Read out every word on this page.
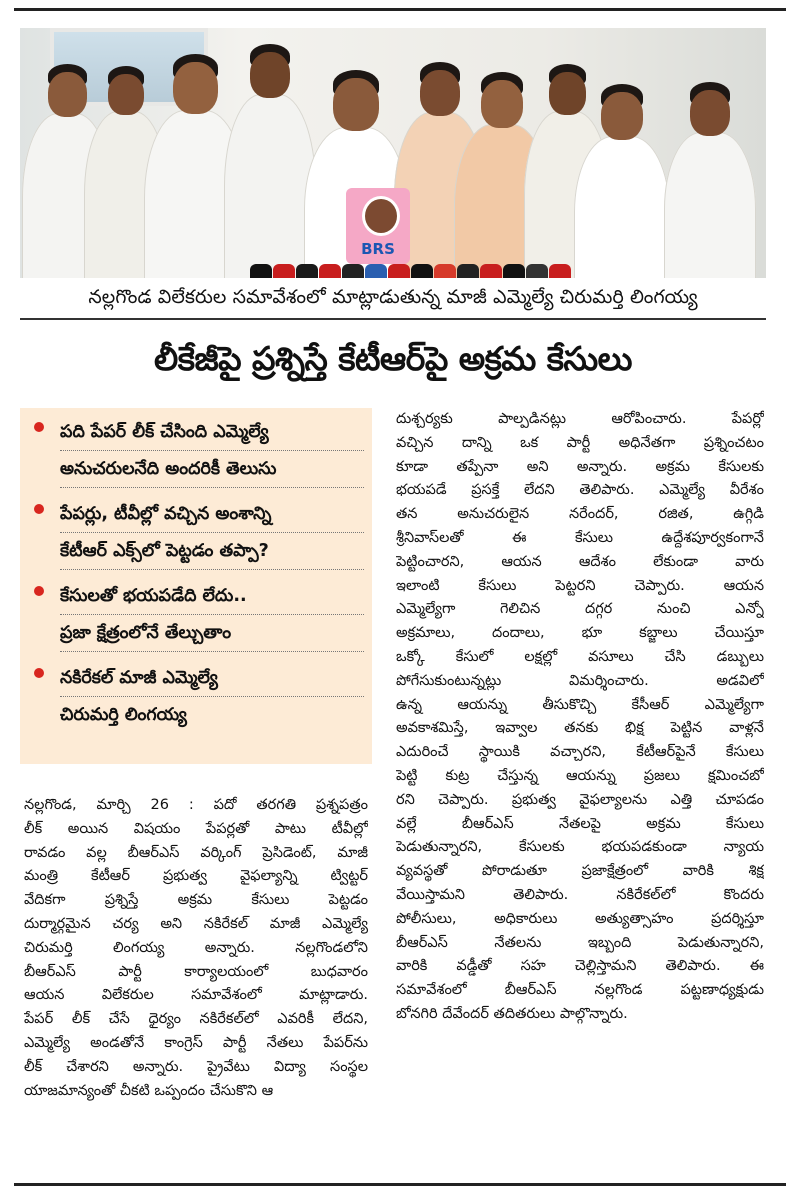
BRS
నల్లగొండ విలేకరుల సమావేశంలో మాట్లాడుతున్న మాజీ ఎమ్మెల్యే చిరుమర్తి లింగయ్య
లీకేజీపై ప్రశ్నిస్తే కేటీఆర్‌పై అక్రమ కేసులు
పది పేపర్ లీక్ చేసింది ఎమ్మెల్యే
అనుచరులనేది అందరికీ తెలుసు
పేపర్లు, టీవీల్లో వచ్చిన అంశాన్ని
కేటీఆర్ ఎక్స్‌లో పెట్టడం తప్పా?
కేసులతో భయపడేది లేదు..
ప్రజా క్షేత్రంలోనే తేల్చుతాం
నకిరేకల్ మాజీ ఎమ్మెల్యే
చిరుమర్తి లింగయ్య
నల్లగొండ, మార్చి 26 : పదో తరగతి ప్రశ్నపత్రం
లీక్ అయిన విషయం పేపర్లతో పాటు టీవీల్లో
రావడం వల్ల బీఆర్ఎస్ వర్కింగ్ ప్రెసిడెంట్, మాజీ
మంత్రి కేటీఆర్ ప్రభుత్వ వైఫల్యాన్ని ట్విట్టర్
వేదికగా ప్రశ్నిస్తే అక్రమ కేసులు పెట్టడం
దుర్మార్గమైన చర్య అని నకిరేకల్ మాజీ ఎమ్మెల్యే
చిరుమర్తి లింగయ్య అన్నారు. నల్లగొండలోని
బీఆర్ఎస్ పార్టీ కార్యాలయంలో బుధవారం
ఆయన విలేకరుల సమావేశంలో మాట్లాడారు.
పేపర్ లీక్ చేసే ధైర్యం నకిరేకల్‌లో ఎవరికీ లేదని,
ఎమ్మెల్యే అండతోనే కాంగ్రెస్ పార్టీ నేతలు పేపర్‌ను
లీక్ చేశారని అన్నారు. ప్రైవేటు విద్యా సంస్థల
యాజమాన్యంతో చీకటి ఒప్పందం చేసుకొని ఆ
దుశ్చర్యకు పాల్పడినట్లు ఆరోపించారు. పేపర్లో
వచ్చిన దాన్ని ఒక పార్టీ అధినేతగా ప్రశ్నించటం
కూడా తప్పేనా అని అన్నారు. అక్రమ కేసులకు
భయపడే ప్రసక్తే లేదని తెలిపారు. ఎమ్మెల్యే వీరేశం
తన అనుచరులైన నరేందర్, రజిత, ఉగ్గిడి
శ్రీనివాస్‌లతో ఈ కేసులు ఉద్దేశపూర్వకంగానే
పెట్టించారని, ఆయన ఆదేశం లేకుండా వారు
ఇలాంటి కేసులు పెట్టరని చెప్పారు. ఆయన
ఎమ్మెల్యేగా గెలిచిన దగ్గర నుంచి ఎన్నో
అక్రమాలు, దందాలు, భూ కబ్జాలు చేయిస్తూ
ఒక్కో కేసులో లక్షల్లో వసూలు చేసి డబ్బులు
పోగేసుకుంటున్నట్లు విమర్శించారు. అడవిలో
ఉన్న ఆయన్ను తీసుకొచ్చి కేసీఆర్ ఎమ్మెల్యేగా
అవకాశమిస్తే, ఇవ్వాల తనకు భిక్ష పెట్టిన వాళ్లనే
ఎదురించే స్థాయికి వచ్చారని, కేటీఆర్‌పైనే కేసులు
పెట్టి కుట్ర చేస్తున్న ఆయన్ను ప్రజలు క్షమించబో
రని చెప్పారు. ప్రభుత్వ వైఫల్యాలను ఎత్తి చూపడం
వల్లే బీఆర్ఎస్ నేతలపై అక్రమ కేసులు
పెడుతున్నారని, కేసులకు భయపడకుండా న్యాయ
వ్యవస్థతో పోరాడుతూ ప్రజాక్షేత్రంలో వారికి శిక్ష
వేయిస్తామని తెలిపారు. నకిరేకల్‌లో కొందరు
పోలీసులు, అధికారులు అత్యుత్సాహం ప్రదర్శిస్తూ
బీఆర్ఎస్ నేతలను ఇబ్బంది పెడుతున్నారని,
వారికి వడ్డీతో సహ చెల్లిస్తామని తెలిపారు. ఈ
సమావేశంలో బీఆర్ఎస్ నల్లగొండ పట్టణాధ్యక్షుడు
బోనగిరి దేవేందర్ తదితరులు పాల్గొన్నారు.
